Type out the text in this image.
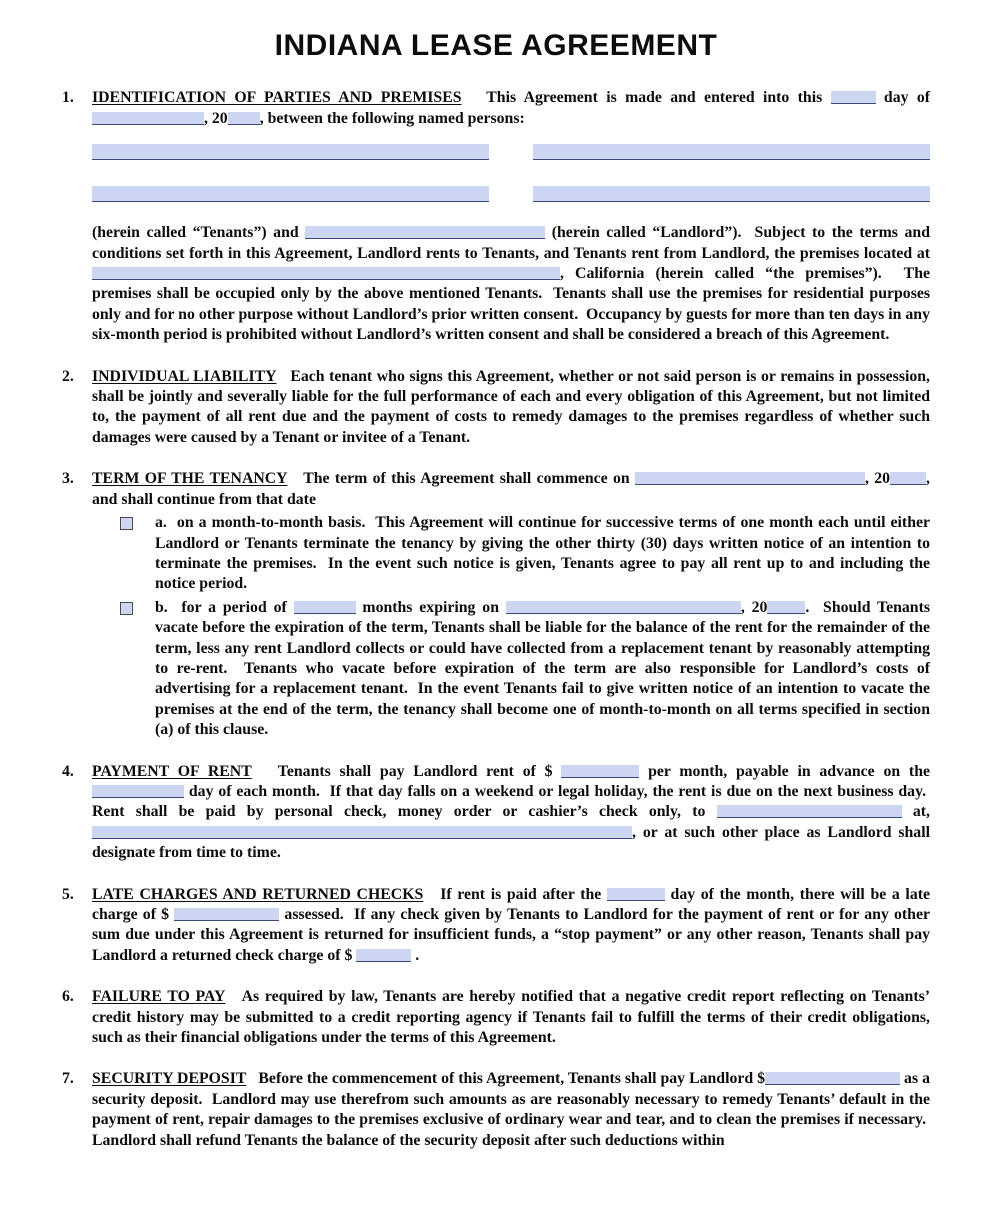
INDIANA LEASE AGREEMENT
1.	IDENTIFICATION OF PARTIES AND PREMISES This Agreement is made and entered into this	day of , 20 , between the following named persons:
(herein called “Tenants”) and	(herein called “Landlord”).  Subject to the terms and conditions set forth in this Agreement, Landlord rents to Tenants, and Tenants rent from Landlord, the premises located at , California (herein called “the premises”).  The premises shall be occupied only by the above mentioned Tenants.  Tenants shall use the premises for residential purposes only and for no other purpose without Landlord’s prior written consent.  Occupancy by guests for more than ten days in any six-month period is prohibited without Landlord’s written consent and shall be considered a breach of this Agreement.
2.	INDIVIDUAL LIABILITY Each tenant who signs this Agreement, whether or not said person is or remains in possession, shall be jointly and severally liable for the full performance of each and every obligation of this Agreement, but not limited to, the payment of all rent due and the payment of costs to remedy damages to the premises regardless of whether such damages were caused by a Tenant or invitee of a Tenant.
3.	TERM OF THE TENANCY The term of this Agreement shall commence on	, 20 , and shall continue from that date
a.  on a month-to-month basis.  This Agreement will continue for successive terms of one month each until either Landlord or Tenants terminate the tenancy by giving the other thirty (30) days written notice of an intention to terminate the premises.  In the event such notice is given, Tenants agree to pay all rent up to and including the notice period.
b.  for a period of	months expiring on	, 20 .  Should Tenants vacate before the expiration of the term, Tenants shall be liable for the balance of the rent for the remainder of the term, less any rent Landlord collects or could have collected from a replacement tenant by reasonably attempting to re-rent.  Tenants who vacate before expiration of the term are also responsible for Landlord’s costs of advertising for a replacement tenant.  In the event Tenants fail to give written notice of an intention to vacate the premises at the end of the term, the tenancy shall become one of month-to-month on all terms specified in section (a) of this clause.
4.	PAYMENT OF RENT Tenants shall pay Landlord rent of $	per month, payable in advance on the  day of each month.  If that day falls on a weekend or legal holiday, the rent is due on the next business day.  Rent shall be paid by personal check, money order or cashier’s check only, to	at, , or at such other place as Landlord shall designate from time to time.
5.	LATE CHARGES AND RETURNED CHECKS If rent is paid after the	day of the month, there will be a late charge of $	assessed.  If any check given by Tenants to Landlord for the payment of rent or for any other sum due under this Agreement is returned for insufficient funds, a “stop payment” or any other reason, Tenants shall pay Landlord a returned check charge of $	.
6.	FAILURE TO PAY As required by law, Tenants are hereby notified that a negative credit report reflecting on Tenants’ credit history may be submitted to a credit reporting agency if Tenants fail to fulfill the terms of their credit obligations, such as their financial obligations under the terms of this Agreement.
7.	SECURITY DEPOSIT Before the commencement of this Agreement, Tenants shall pay Landlord $	as a security deposit.  Landlord may use therefrom such amounts as are reasonably necessary to remedy Tenants’ default in the payment of rent, repair damages to the premises exclusive of ordinary wear and tear, and to clean the premises if necessary.  Landlord shall refund Tenants the balance of the security deposit after such deductions within
